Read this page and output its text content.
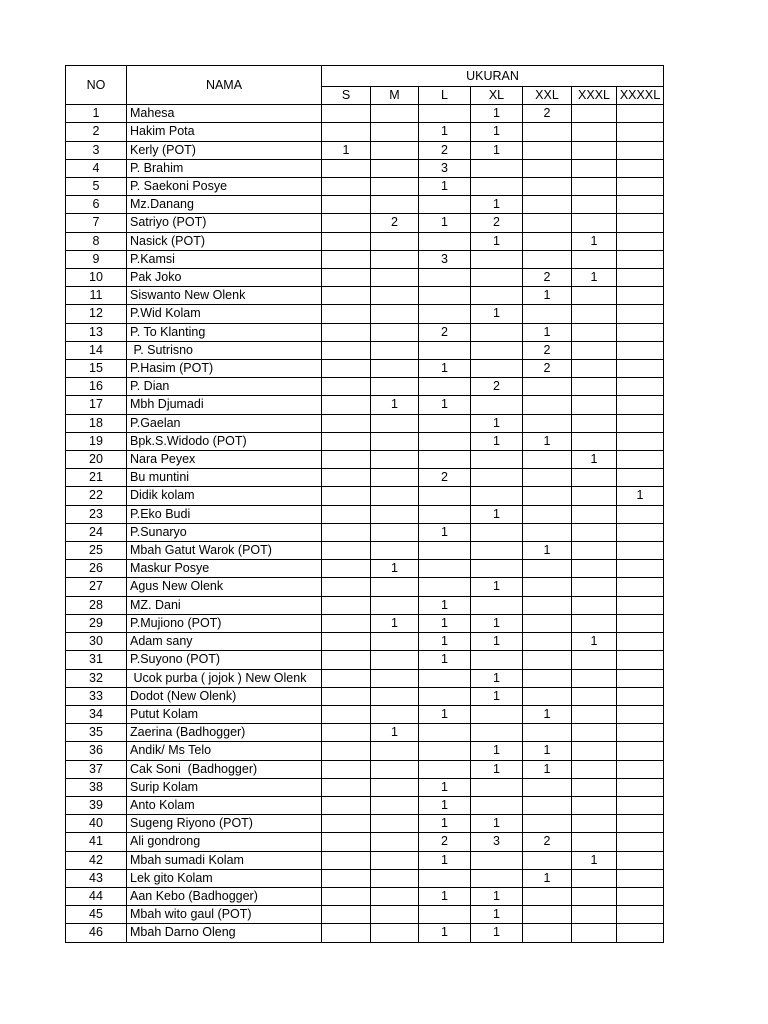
NO	NAMA	UKURAN						
		S	M	L	XL	XXL	XXXL	XXXXL
1	Mahesa				1	2		
2	Hakim Pota			1	1			
3	Kerly (POT)	1		2	1			
4	P. Brahim			3				
5	P. Saekoni Posye			1				
6	Mz.Danang				1			
7	Satriyo (POT)		2	1	2			
8	Nasick (POT)				1		1	
9	P.Kamsi			3				
10	Pak Joko					2	1	
11	Siswanto New Olenk					1		
12	P.Wid Kolam				1			
13	P. To Klanting			2		1		
14	P. Sutrisno					2		
15	P.Hasim (POT)			1		2		
16	P. Dian				2			
17	Mbh Djumadi		1	1				
18	P.Gaelan				1			
19	Bpk.S.Widodo (POT)				1	1		
20	Nara Peyex						1	
21	Bu muntini			2				
22	Didik kolam							1
23	P.Eko Budi				1			
24	P.Sunaryo			1				
25	Mbah Gatut Warok (POT)					1		
26	Maskur Posye		1					
27	Agus New Olenk				1			
28	MZ. Dani			1				
29	P.Mujiono (POT)		1	1	1			
30	Adam sany			1	1		1	
31	P.Suyono (POT)			1				
32	Ucok purba ( jojok ) New Olenk				1			
33	Dodot (New Olenk)				1			
34	Putut Kolam			1		1		
35	Zaerina (Badhogger)		1					
36	Andik/ Ms Telo				1	1		
37	Cak Soni  (Badhogger)				1	1		
38	Surip Kolam			1				
39	Anto Kolam			1				
40	Sugeng Riyono (POT)			1	1			
41	Ali gondrong			2	3	2		
42	Mbah sumadi Kolam			1			1	
43	Lek gito Kolam					1		
44	Aan Kebo (Badhogger)			1	1			
45	Mbah wito gaul (POT)				1			
46	Mbah Darno Oleng			1	1			
